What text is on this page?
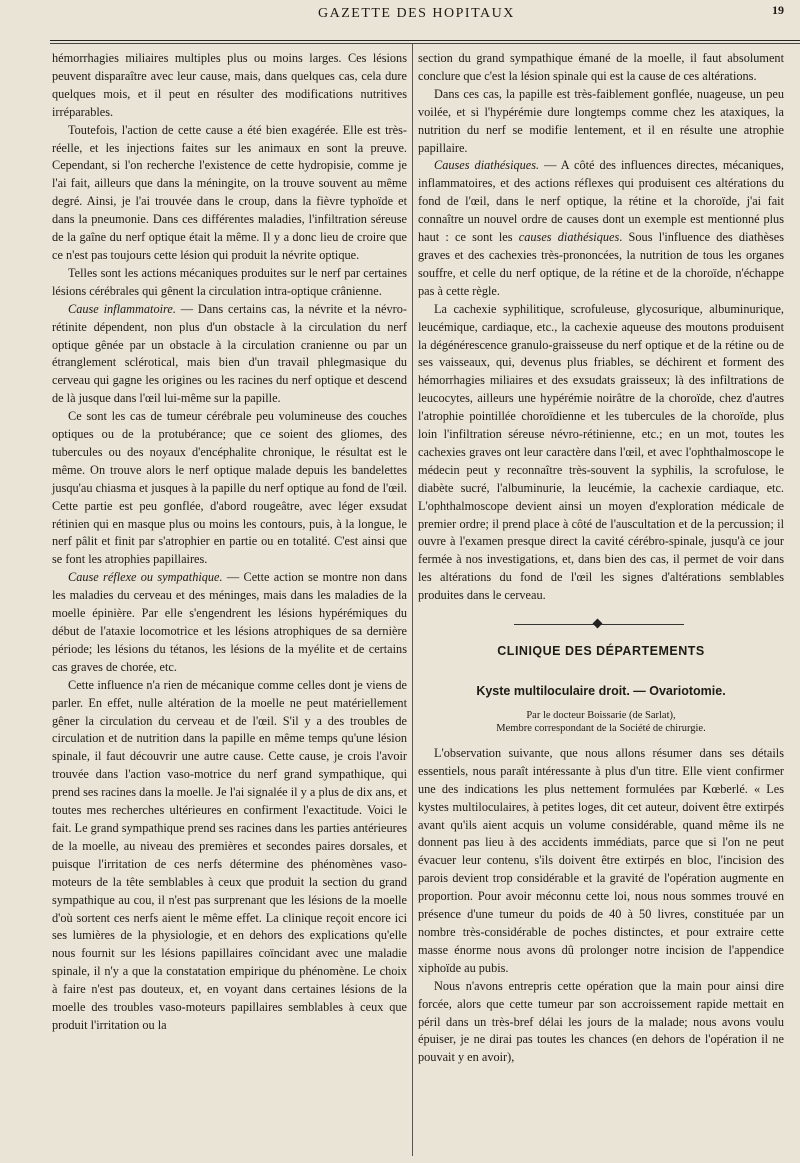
GAZETTE DES HOPITAUX	19

hémorrhagies miliaires multiples plus ou moins larges. Ces lésions peuvent disparaître avec leur cause, mais, dans quelques cas, cela dure quelques mois, et il peut en résulter des modifications nutritives irréparables.

Toutefois, l'action de cette cause a été bien exagérée. Elle est très-réelle, et les injections faites sur les animaux en sont la preuve. Cependant, si l'on recherche l'existence de cette hydropisie, comme je l'ai fait, ailleurs que dans la méningite, on la trouve souvent au même degré. Ainsi, je l'ai trouvée dans le croup, dans la fièvre typhoïde et dans la pneumonie. Dans ces différentes maladies, l'infiltration séreuse de la gaîne du nerf optique était la même. Il y a donc lieu de croire que ce n'est pas toujours cette lésion qui produit la névrite optique.

Telles sont les actions mécaniques produites sur le nerf par certaines lésions cérébrales qui gênent la circulation intra-optique crânienne.

Cause inflammatoire. — Dans certains cas, la névrite et la névro-rétinite dépendent, non plus d'un obstacle à la circulation du nerf optique gênée par un obstacle à la circulation cranienne ou par un étranglement sclérotical, mais bien d'un travail phlegmasique du cerveau qui gagne les origines ou les racines du nerf optique et descend de là jusque dans l'œil lui-même sur la papille.

Ce sont les cas de tumeur cérébrale peu volumineuse des couches optiques ou de la protubérance; que ce soient des gliomes, des tubercules ou des noyaux d'encéphalite chronique, le résultat est le même. On trouve alors le nerf optique malade depuis les bandelettes jusqu'au chiasma et jusques à la papille du nerf optique au fond de l'œil. Cette partie est peu gonflée, d'abord rougeâtre, avec léger exsudat rétinien qui en masque plus ou moins les contours, puis, à la longue, le nerf pâlit et finit par s'atrophier en partie ou en totalité. C'est ainsi que se font les atrophies papillaires.

Cause réflexe ou sympathique. — Cette action se montre non dans les maladies du cerveau et des méninges, mais dans les maladies de la moelle épinière. Par elle s'engendrent les lésions hypérémiques du début de l'ataxie locomotrice et les lésions atrophiques de sa dernière période; les lésions du tétanos, les lésions de la myélite et de certains cas graves de chorée, etc.

Cette influence n'a rien de mécanique comme celles dont je viens de parler. En effet, nulle altération de la moelle ne peut matériellement gêner la circulation du cerveau et de l'œil. S'il y a des troubles de circulation et de nutrition dans la papille en même temps qu'une lésion spinale, il faut découvrir une autre cause. Cette cause, je crois l'avoir trouvée dans l'action vaso-motrice du nerf grand sympathique, qui prend ses racines dans la moelle. Je l'ai signalée il y a plus de dix ans, et toutes mes recherches ultérieures en confirment l'exactitude. Voici le fait. Le grand sympathique prend ses racines dans les parties antérieures de la moelle, au niveau des premières et secondes paires dorsales, et puisque l'irritation de ces nerfs détermine des phénomènes vaso-moteurs de la tête semblables à ceux que produit la section du grand sympathique au cou, il n'est pas surprenant que les lésions de la moelle d'où sortent ces nerfs aient le même effet. La clinique reçoit encore ici ses lumières de la physiologie, et en dehors des explications qu'elle nous fournit sur les lésions papillaires coïncidant avec une maladie spinale, il n'y a que la constatation empirique du phénomène. Le choix à faire n'est pas douteux, et, en voyant dans certaines lésions de la moelle des troubles vaso-moteurs papillaires semblables à ceux que produit l'irritation ou la

section du grand sympathique émané de la moelle, il faut absolument conclure que c'est la lésion spinale qui est la cause de ces altérations.

Dans ces cas, la papille est très-faiblement gonflée, nuageuse, un peu voilée, et si l'hypérémie dure longtemps comme chez les ataxiques, la nutrition du nerf se modifie lentement, et il en résulte une atrophie papillaire.

Causes diathésiques. — A côté des influences directes, mécaniques, inflammatoires, et des actions réflexes qui produisent ces altérations du fond de l'œil, dans le nerf optique, la rétine et la choroïde, j'ai fait connaître un nouvel ordre de causes dont un exemple est mentionné plus haut : ce sont les causes diathésiques. Sous l'influence des diathèses graves et des cachexies très-prononcées, la nutrition de tous les organes souffre, et celle du nerf optique, de la rétine et de la choroïde, n'échappe pas à cette règle.

La cachexie syphilitique, scrofuleuse, glycosurique, albuminurique, leucémique, cardiaque, etc., la cachexie aqueuse des moutons produisent la dégénérescence granulo-graisseuse du nerf optique et de la rétine ou de ses vaisseaux, qui, devenus plus friables, se déchirent et forment des hémorrhagies miliaires et des exsudats graisseux; là des infiltrations de leucocytes, ailleurs une hypérémie noirâtre de la choroïde, chez d'autres l'atrophie pointillée choroïdienne et les tubercules de la choroïde, plus loin l'infiltration séreuse névro-rétinienne, etc.; en un mot, toutes les cachexies graves ont leur caractère dans l'œil, et avec l'ophthalmoscope le médecin peut y reconnaître très-souvent la syphilis, la scrofulose, le diabète sucré, l'albuminurie, la leucémie, la cachexie cardiaque, etc. L'ophthalmoscope devient ainsi un moyen d'exploration médicale de premier ordre; il prend place à côté de l'auscultation et de la percussion; il ouvre à l'examen presque direct la cavité cérébro-spinale, jusqu'à ce jour fermée à nos investigations, et, dans bien des cas, il permet de voir dans les altérations du fond de l'œil les signes d'altérations semblables produites dans le cerveau.

CLINIQUE DES DÉPARTEMENTS
Kyste multiloculaire droit. — Ovariotomie.
Par le docteur Boissarie (de Sarlat),
Membre correspondant de la Société de chirurgie.

L'observation suivante, que nous allons résumer dans ses détails essentiels, nous paraît intéressante à plus d'un titre. Elle vient confirmer une des indications les plus nettement formulées par Kœberlé. « Les kystes multiloculaires, à petites loges, dit cet auteur, doivent être extirpés avant qu'ils aient acquis un volume considérable, quand même ils ne donnent pas lieu à des accidents immédiats, parce que si l'on ne peut évacuer leur contenu, s'ils doivent être extirpés en bloc, l'incision des parois devient trop considérable et la gravité de l'opération augmente en proportion. Pour avoir méconnu cette loi, nous nous sommes trouvé en présence d'une tumeur du poids de 40 à 50 livres, constituée par un nombre très-considérable de poches distinctes, et pour extraire cette masse énorme nous avons dû prolonger notre incision de l'appendice xiphoïde au pubis.

Nous n'avons entrepris cette opération que la main pour ainsi dire forcée, alors que cette tumeur par son accroissement rapide mettait en péril dans un très-bref délai les jours de la malade; nous avons voulu épuiser, je ne dirai pas toutes les chances (en dehors de l'opération il ne pouvait y en avoir),
